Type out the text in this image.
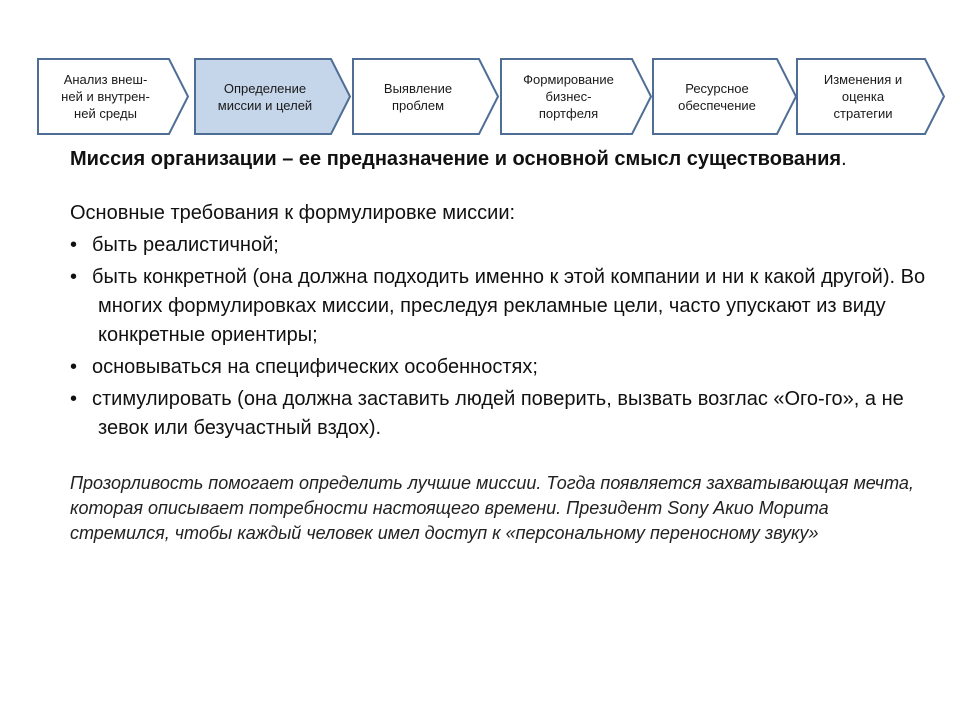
Анализ внеш-
ней и внутрен-
ней среды
Определение
миссии и целей
Выявление
проблем
Формирование
бизнес-
портфеля
Ресурсное
обеспечение
Изменения и
оценка
стратегии

Миссия организации – ее предназначение и основной смысл существования.

Основные требования к формулировке миссии:

• быть реалистичной;
• быть конкретной (она должна подходить именно к этой компании и ни к какой другой). Во многих формулировках миссии, преследуя рекламные цели, часто упускают из виду конкретные ориентиры;
• основываться на специфических особенностях;
• стимулировать (она должна заставить людей поверить, вызвать возглас «Ого-го», а не зевок или безучастный вздох).

Прозорливость помогает определить лучшие миссии. Тогда появляется захватывающая мечта, которая описывает потребности настоящего времени. Президент Sony Акио Морита стремился, чтобы каждый человек имел доступ к «персональному переносному звуку»
